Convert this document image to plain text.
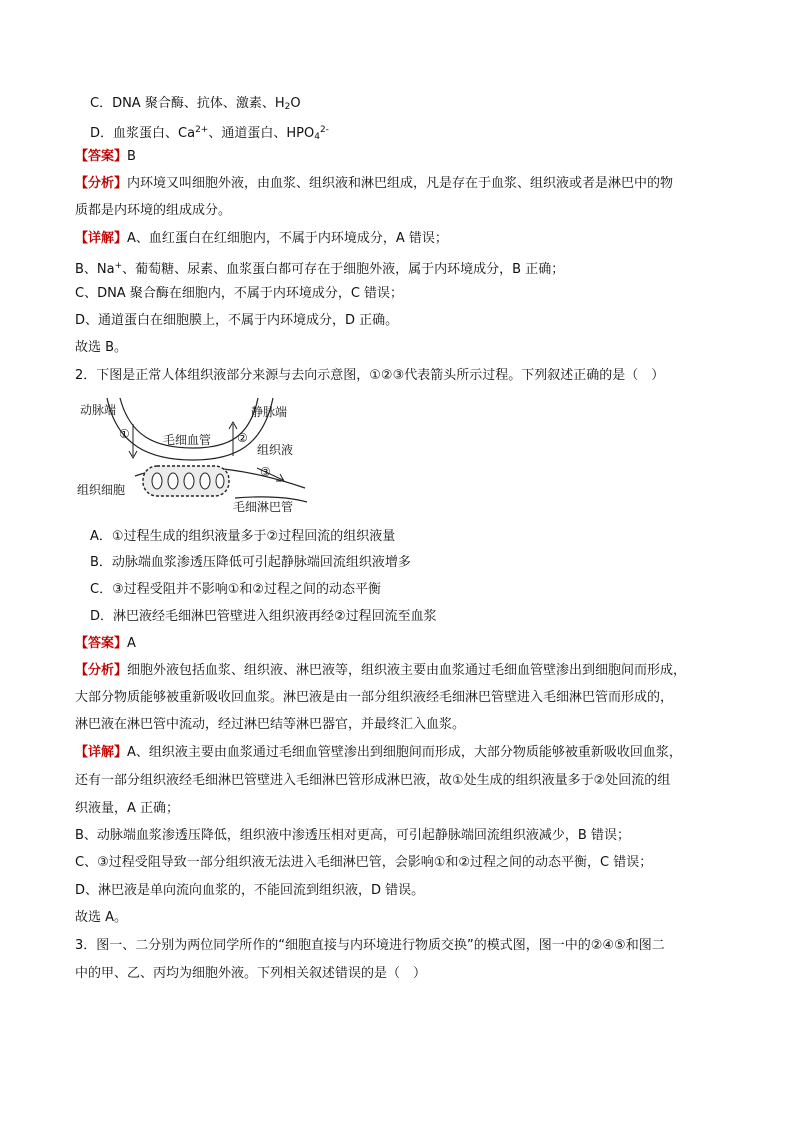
C．DNA 聚合酶、抗体、激素、$H_2O$
D．血浆蛋白、$Ca^{2+}$、通道蛋白、$HPO_4^{2-}$
【答案】B
【分析】内环境又叫细胞外液，由血浆、组织液和淋巴组成，凡是存在于血浆、组织液或者是淋巴中的物
质都是内环境的组成成分。
【详解】A、血红蛋白在红细胞内，不属于内环境成分，A 错误；
B、Na+、葡萄糖、尿素、血浆蛋白都可存在于细胞外液，属于内环境成分，B 正确；
C、DNA 聚合酶在细胞内，不属于内环境成分，C 错误；
D、通道蛋白在细胞膜上，不属于内环境成分，D 正确。
故选 B。
2．下图是正常人体组织液部分来源与去向示意图，①②③代表箭头所示过程。下列叙述正确的是（　）
动脉端	静脉端
毛细血管
①	②
组织液
③
组织细胞
毛细淋巴管
A．①过程生成的组织液量多于②过程回流的组织液量
B．动脉端血浆渗透压降低可引起静脉端回流组织液增多
C．③过程受阻并不影响①和②过程之间的动态平衡
D．淋巴液经毛细淋巴管壁进入组织液再经②过程回流至血浆
【答案】A
【分析】细胞外液包括血浆、组织液、淋巴液等，组织液主要由血浆通过毛细血管壁渗出到细胞间而形成，
大部分物质能够被重新吸收回血浆。淋巴液是由一部分组织液经毛细淋巴管壁进入毛细淋巴管而形成的，
淋巴液在淋巴管中流动，经过淋巴结等淋巴器官，并最终汇入血浆。
【详解】A、组织液主要由血浆通过毛细血管壁渗出到细胞间而形成，大部分物质能够被重新吸收回血浆，
还有一部分组织液经毛细淋巴管壁进入毛细淋巴管形成淋巴液，故①处生成的组织液量多于②处回流的组
织液量，A 正确；
B、动脉端血浆渗透压降低，组织液中渗透压相对更高，可引起静脉端回流组织液减少，B 错误；
C、③过程受阻导致一部分组织液无法进入毛细淋巴管，会影响①和②过程之间的动态平衡，C 错误；
D、淋巴液是单向流向血浆的，不能回流到组织液，D 错误。
故选 A。
3．图一、二分别为两位同学所作的“细胞直接与内环境进行物质交换”的模式图，图一中的②④⑤和图二
中的甲、乙、丙均为细胞外液。下列相关叙述错误的是（　）
